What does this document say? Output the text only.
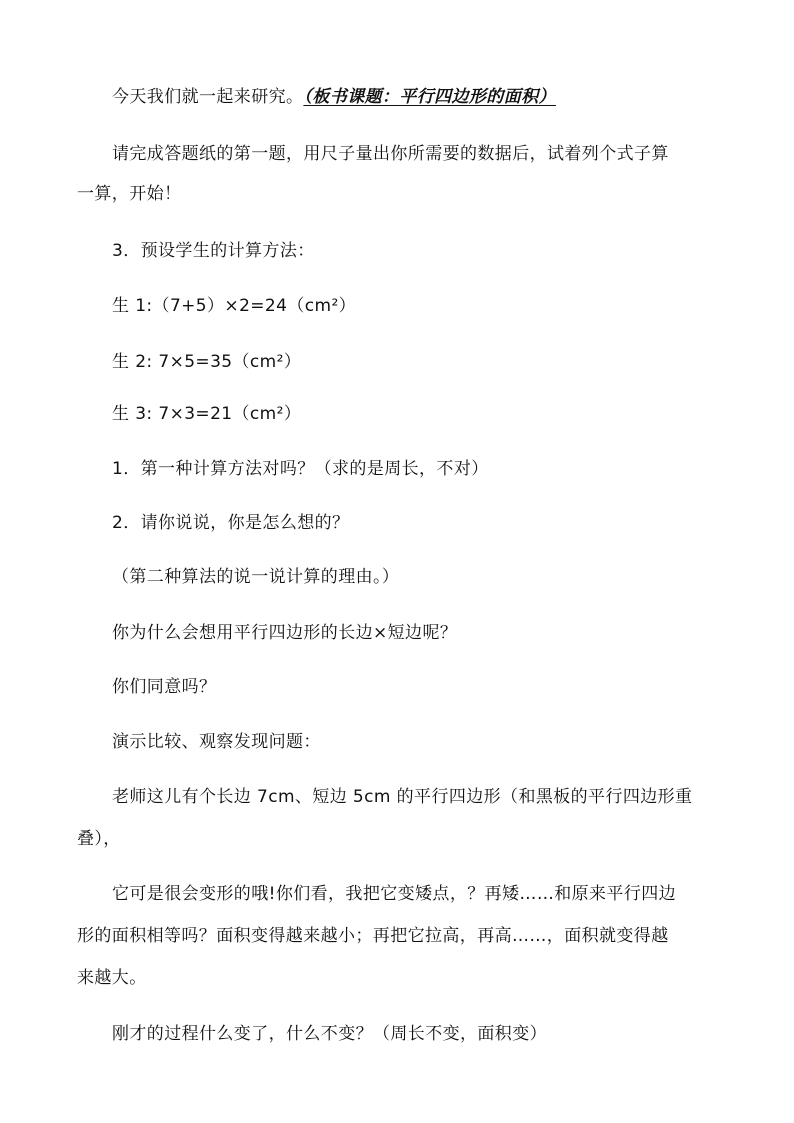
今天我们就一起来研究。（板书课题：平行四边形的面积）
请完成答题纸的第一题，用尺子量出你所需要的数据后，试着列个式子算
一算，开始！
3．预设学生的计算方法：
生 1:（7+5）×2=24（cm²）
生 2: 7×5=35（cm²）
生 3: 7×3=21（cm²）
1．第一种计算方法对吗？（求的是周长，不对）
2．请你说说，你是怎么想的？
（第二种算法的说一说计算的理由。）
你为什么会想用平行四边形的长边×短边呢？
你们同意吗？
演示比较、观察发现问题：
老师这儿有个长边 7cm、短边 5cm 的平行四边形（和黑板的平行四边形重
叠），
它可是很会变形的哦!你们看，我把它变矮点，？再矮……和原来平行四边
形的面积相等吗？面积变得越来越小；再把它拉高，再高……，面积就变得越
来越大。
刚才的过程什么变了，什么不变？（周长不变，面积变）
